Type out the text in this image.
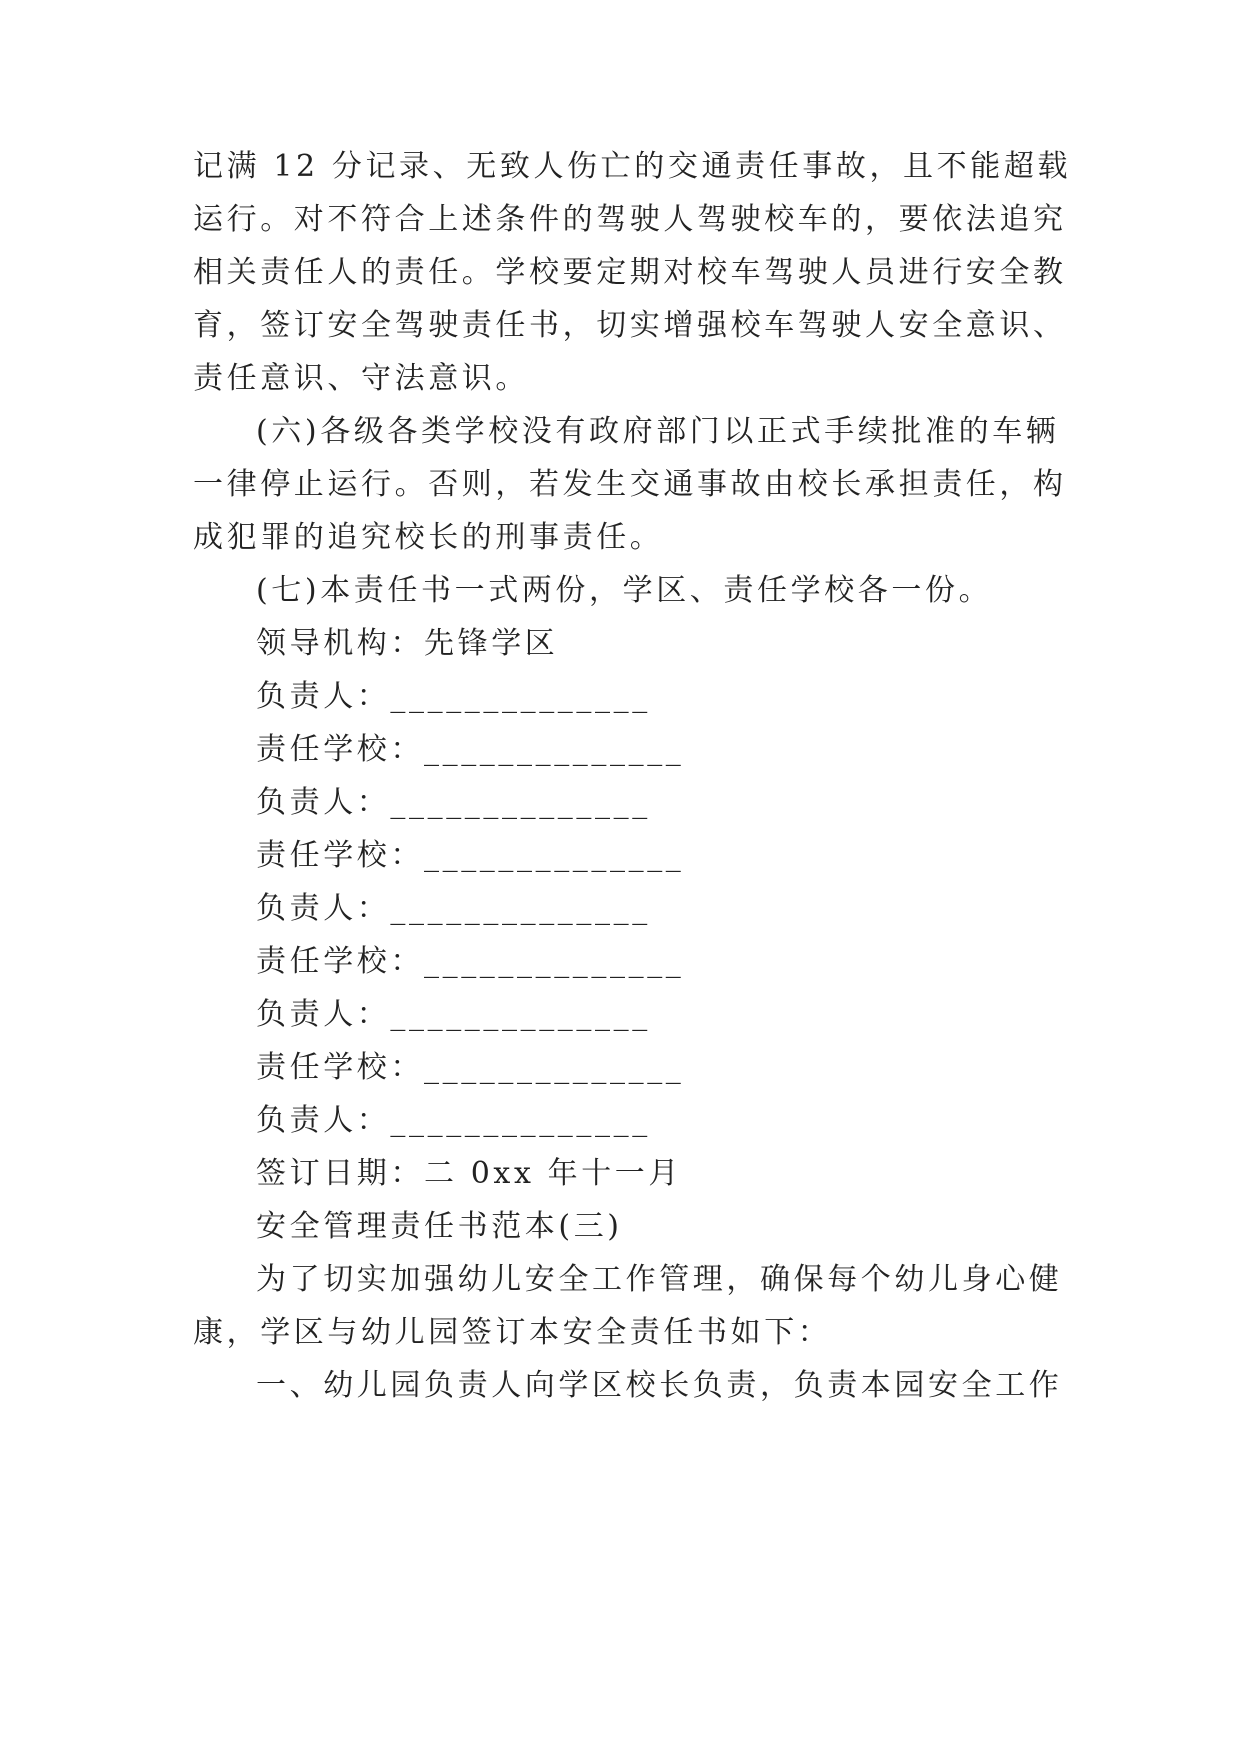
记满 12 分记录、无致人伤亡的交通责任事故，且不能超载
运行。对不符合上述条件的驾驶人驾驶校车的，要依法追究
相关责任人的责任。学校要定期对校车驾驶人员进行安全教
育，签订安全驾驶责任书，切实增强校车驾驶人安全意识、
责任意识、守法意识。
(六)各级各类学校没有政府部门以正式手续批准的车辆
一律停止运行。否则，若发生交通事故由校长承担责任，构
成犯罪的追究校长的刑事责任。
(七)本责任书一式两份，学区、责任学校各一份。
领导机构：先锋学区
负责人：______________
责任学校：______________
负责人：______________
责任学校：______________
负责人：______________
责任学校：______________
负责人：______________
责任学校：______________
负责人：______________
签订日期：二 0xx 年十一月
安全管理责任书范本(三)
为了切实加强幼儿安全工作管理，确保每个幼儿身心健
康，学区与幼儿园签订本安全责任书如下：
一、幼儿园负责人向学区校长负责，负责本园安全工作
